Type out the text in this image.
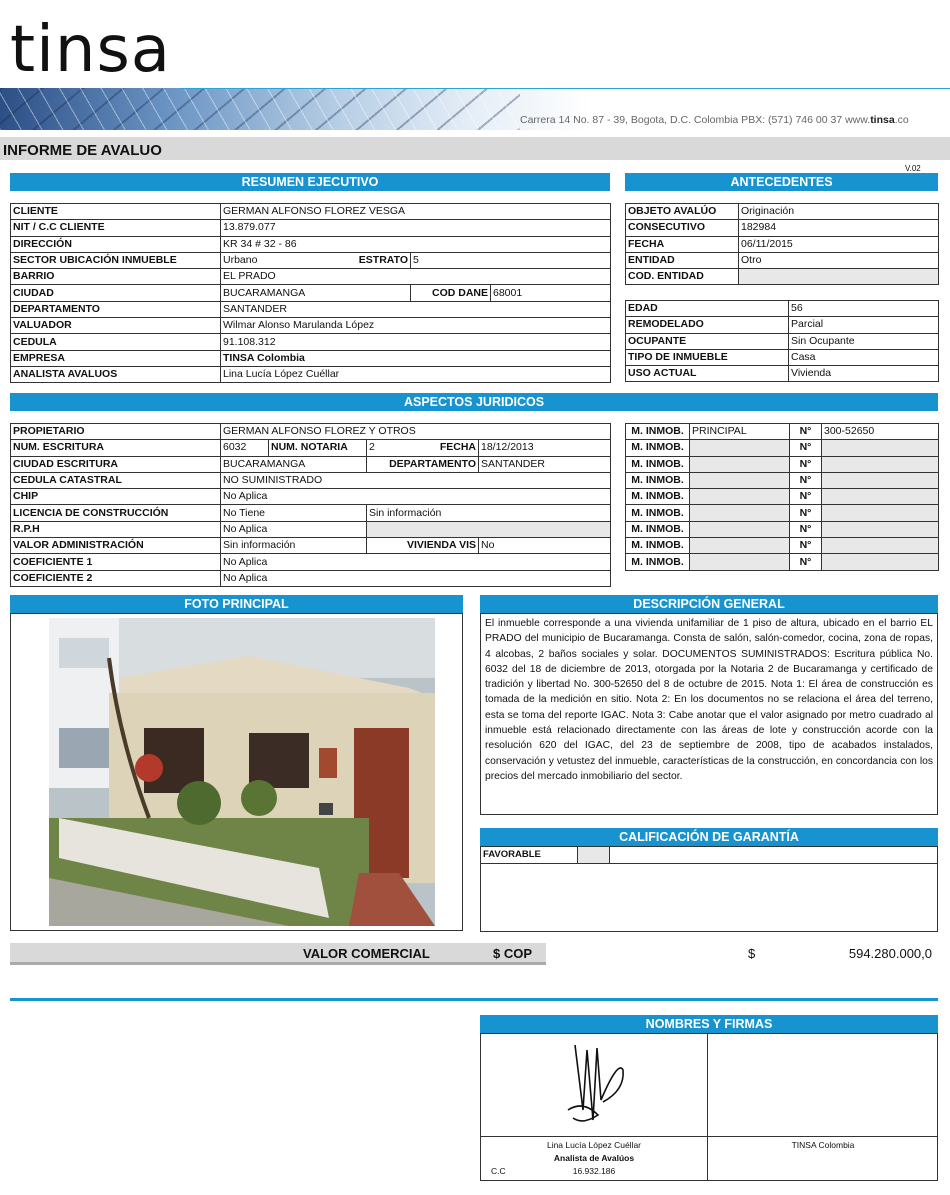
tinsa
Carrera 14 No. 87 - 39, Bogota, D.C. Colombia PBX: (571) 746 00 37 www.tinsa.co
INFORME DE AVALUO
V.02
RESUMEN EJECUTIVO
CLIENTE	GERMAN ALFONSO FLOREZ VESGA			
NIT / C.C CLIENTE	13.879.077			
DIRECCIÓN	KR 34 # 32 - 86			
SECTOR UBICACIÓN INMUEBLE	Urbano	ESTRATO	5	
BARRIO	EL PRADO			
CIUDAD	BUCARAMANGA		COD DANE	68001
DEPARTAMENTO	SANTANDER			
VALUADOR	Wilmar Alonso Marulanda López			
CEDULA	91.108.312			
EMPRESA	TINSA Colombia			
ANALISTA AVALUOS	Lina Lucía López Cuéllar			
ANTECEDENTES
OBJETO AVALÚO	Originación
CONSECUTIVO	182984
FECHA	06/11/2015
ENTIDAD	Otro
COD. ENTIDAD	
EDAD	56
REMODELADO	Parcial
OCUPANTE	Sin Ocupante
TIPO DE INMUEBLE	Casa
USO ACTUAL	Vivienda
ASPECTOS JURIDICOS
PROPIETARIO	GERMAN ALFONSO FLOREZ Y OTROS			
NUM. ESCRITURA	6032	NUM. NOTARIA	2 FECHA	18/12/2013
CIUDAD ESCRITURA	BUCARAMANGA		DEPARTAMENTO	SANTANDER
CEDULA CATASTRAL	NO SUMINISTRADO			
CHIP	No Aplica			
LICENCIA DE CONSTRUCCIÓN	No Tiene		Sin información	
R.P.H	No Aplica			
VALOR ADMINISTRACIÓN	Sin información		VIVIENDA VIS	No
COEFICIENTE 1	No Aplica			
COEFICIENTE 2	No Aplica			
M. INMOB.	PRINCIPAL	N°	300-52650
M. INMOB.		N°	
M. INMOB.		N°	
M. INMOB.		N°	
M. INMOB.		N°	
M. INMOB.		N°	
M. INMOB.		N°	
M. INMOB.		N°	
M. INMOB.		N°	
FOTO PRINCIPAL	DESCRIPCIÓN GENERAL
El inmueble corresponde a una vivienda unifamiliar de 1 piso de altura, ubicado en el barrio EL PRADO del municipio de Bucaramanga. Consta de salón, salón-comedor, cocina, zona de ropas, 4 alcobas, 2 baños sociales y solar. DOCUMENTOS SUMINISTRADOS: Escritura pública No. 6032 del 18 de diciembre de 2013, otorgada por la Notaria 2 de Bucaramanga y certificado de tradición y libertad No. 300-52650 del 8 de octubre de 2015. Nota 1: El área de construcción es tomada de la medición en sitio. Nota 2: En los documentos no se relaciona el área del terreno, esta se toma del reporte IGAC. Nota 3: Cabe anotar que el valor asignado por metro cuadrado al inmueble está relacionado directamente con las áreas de lote y construcción acorde con la resolución 620 del IGAC, del 23 de septiembre de 2008, tipo de acabados instalados, conservación y vetustez del inmueble, características de la construcción, en concordancia con los precios del mercado inmobiliario del sector.
CALIFICACIÓN DE GARANTÍA
FAVORABLE		
VALOR COMERCIAL	$ COP	$	594.280.000,0
NOMBRES Y FIRMAS
Lina Lucía López Cuéllar
Analista de Avalúos
C.C	16.932.186
TINSA Colombia
